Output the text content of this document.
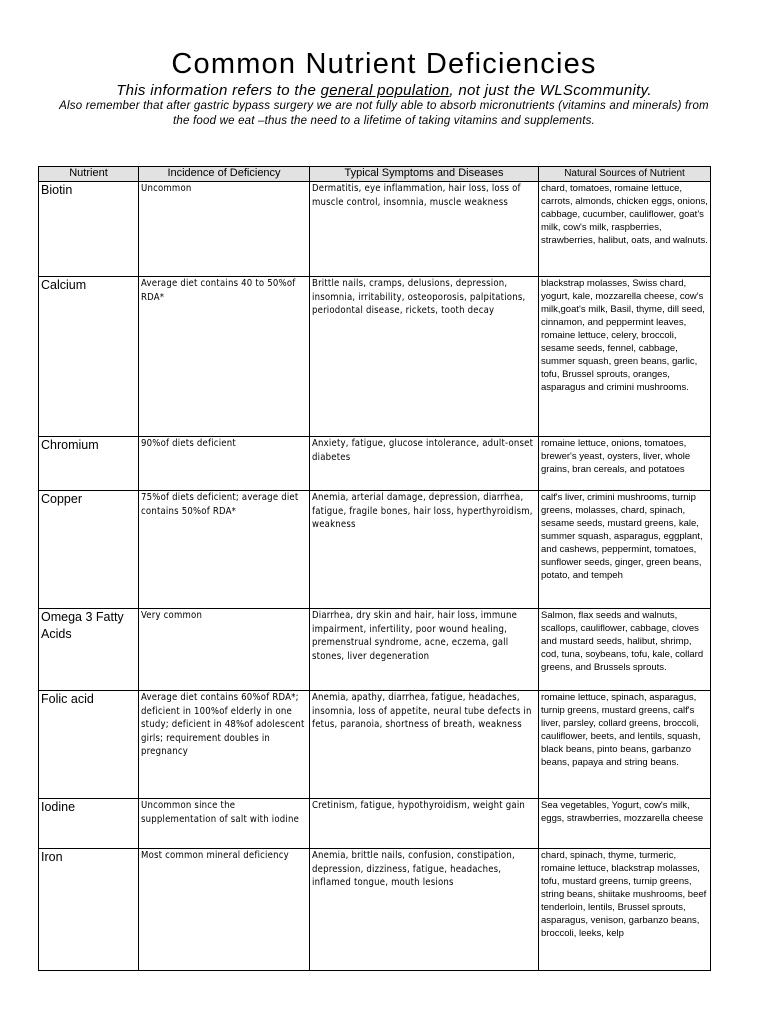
Common Nutrient Deficiencies

This information refers to the general population, not just the WLScommunity.

Also remember that after gastric bypass surgery we are not fully able to absorb micronutrients (vitamins and minerals) from the food we eat –thus the need to a lifetime of taking vitamins and supplements.

Nutrient	Incidence of Deficiency	Typical Symptoms and Diseases	Natural Sources of Nutrient
Biotin	Uncommon	Dermatitis, eye inflammation, hair loss, loss of muscle control, insomnia, muscle weakness	chard, tomatoes, romaine lettuce, carrots, almonds, chicken eggs, onions, cabbage, cucumber, cauliflower, goat's milk, cow's milk, raspberries, strawberries, halibut, oats, and walnuts.
Calcium	Average diet contains 40 to 50%of RDA*	Brittle nails, cramps, delusions, depression, insomnia, irritability, osteoporosis, palpitations, periodontal disease, rickets, tooth decay	blackstrap molasses, Swiss chard, yogurt, kale, mozzarella cheese, cow's milk,goat's milk, Basil, thyme, dill seed, cinnamon, and peppermint leaves, romaine lettuce, celery, broccoli, sesame seeds, fennel, cabbage, summer squash, green beans, garlic, tofu, Brussel sprouts, oranges, asparagus and crimini mushrooms.
Chromium	90%of diets deficient	Anxiety, fatigue, glucose intolerance, adult-onset diabetes	romaine lettuce, onions, tomatoes, brewer's yeast, oysters, liver, whole grains, bran cereals, and potatoes
Copper	75%of diets deficient; average diet contains 50%of RDA*	Anemia, arterial damage, depression, diarrhea, fatigue, fragile bones, hair loss, hyperthyroidism, weakness	calf's liver, crimini mushrooms, turnip greens, molasses, chard, spinach, sesame seeds, mustard greens, kale, summer squash, asparagus, eggplant, and cashews, peppermint, tomatoes, sunflower seeds, ginger, green beans, potato, and tempeh
Omega 3 Fatty Acids	Very common	Diarrhea, dry skin and hair, hair loss, immune impairment, infertility, poor wound healing, premenstrual syndrome, acne, eczema, gall stones, liver degeneration	Salmon, flax seeds and walnuts, scallops, cauliflower, cabbage, cloves and mustard seeds, halibut, shrimp, cod, tuna, soybeans, tofu, kale, collard greens, and Brussels sprouts.
Folic acid	Average diet contains 60%of RDA*; deficient in 100%of elderly in one study; deficient in 48%of adolescent girls; requirement doubles in pregnancy	Anemia, apathy, diarrhea, fatigue, headaches, insomnia, loss of appetite, neural tube defects in fetus, paranoia, shortness of breath, weakness	romaine lettuce, spinach, asparagus, turnip greens, mustard greens, calf's liver, parsley, collard greens, broccoli, cauliflower, beets, and lentils, squash, black beans, pinto beans, garbanzo beans, papaya and string beans.
Iodine	Uncommon since the supplementation of salt with iodine	Cretinism, fatigue, hypothyroidism, weight gain	Sea vegetables, Yogurt, cow's milk, eggs, strawberries, mozzarella cheese
Iron	Most common mineral deficiency	Anemia, brittle nails, confusion, constipation, depression, dizziness, fatigue, headaches, inflamed tongue, mouth lesions	chard, spinach, thyme, turmeric, romaine lettuce, blackstrap molasses, tofu, mustard greens, turnip greens, string beans, shiitake mushrooms, beef tenderloin, lentils, Brussel sprouts, asparagus, venison, garbanzo beans, broccoli, leeks, kelp
